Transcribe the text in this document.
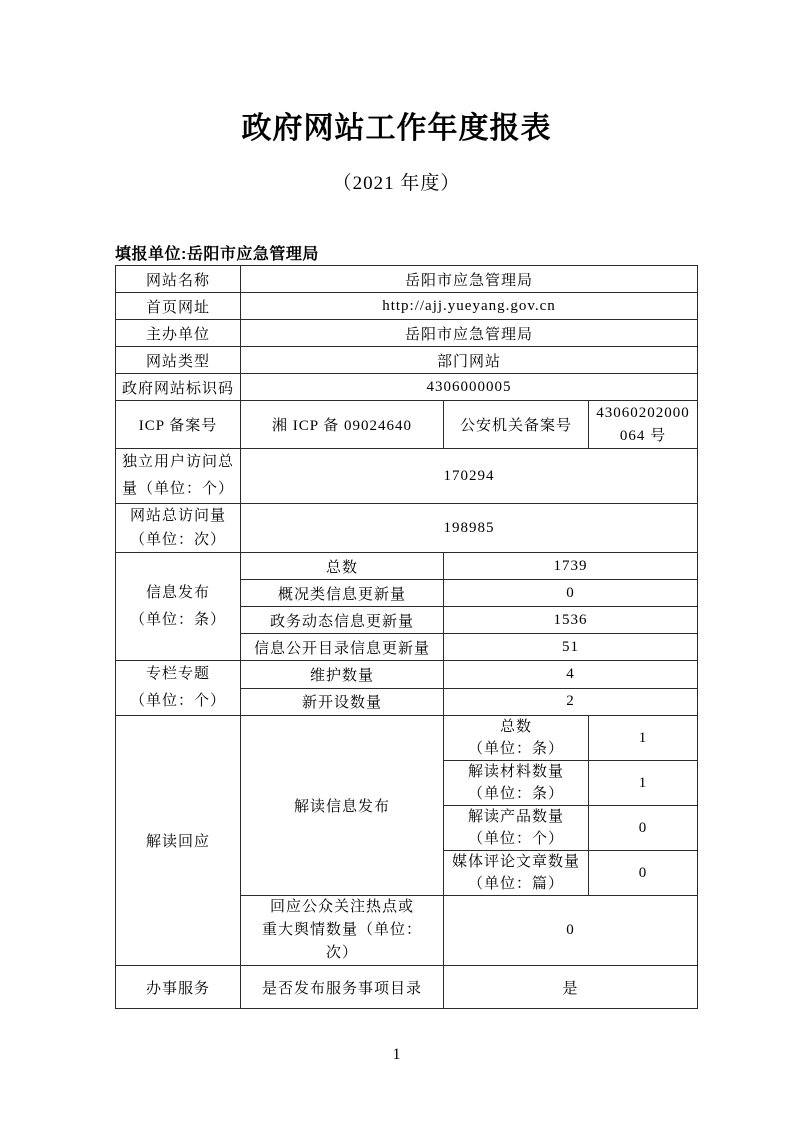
政府网站工作年度报表
（2021 年度）
填报单位:岳阳市应急管理局
网站名称	岳阳市应急管理局		
首页网址	http://ajj.yueyang.gov.cn		
主办单位	岳阳市应急管理局		
网站类型	部门网站		
政府网站标识码	4306000005		
ICP 备案号	湘 ICP 备 09024640	公安机关备案号	43060202000
064 号

独立用户访问总
量（单位：个）	170294		

网站总访问量
（单位：次）	198985		

信息发布
（单位：条）	总数	1739	
	概况类信息更新量	0	
	政务动态信息更新量	1536	
	信息公开目录信息更新量	51	

专栏专题
（单位：个）	维护数量	4	
	新开设数量	2	
解读回应	解读信息发布	总数
（单位：条）	1

		解读材料数量
（单位：条）	1

		解读产品数量
（单位：个）	0

		媒体评论文章数量
（单位：篇）	0

	回应公众关注热点或
重大舆情数量（单位：
次）	0	
办事服务	是否发布服务事项目录	是	
1
